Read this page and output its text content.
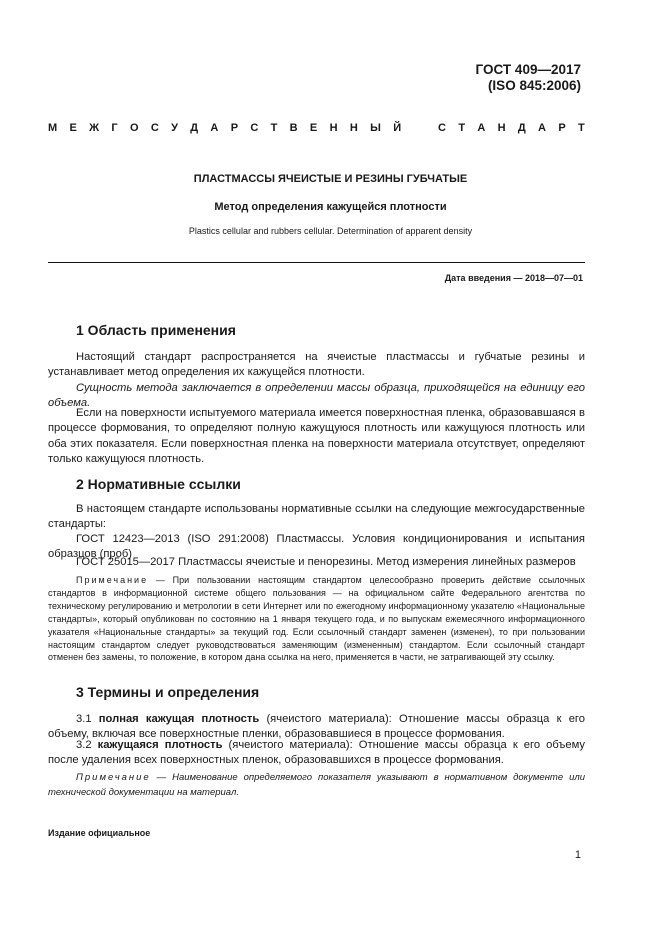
ГОСТ 409—2017
(ISO 845:2006)
М Е Ж Г О С У Д А Р С Т В Е Н Н Ы Й	С Т А Н Д А Р Т
ПЛАСТМАССЫ ЯЧЕИСТЫЕ И РЕЗИНЫ ГУБЧАТЫЕ
Метод определения кажущейся плотности
Plastics cellular and rubbers cellular. Determination of apparent density
Дата введения — 2018—07—01
1 Область применения
Настоящий стандарт распространяется на ячеистые пластмассы и губчатые резины и устанавливает метод определения их кажущейся плотности.
Сущность метода заключается в определении массы образца, приходящейся на единицу его объема.
Если на поверхности испытуемого материала имеется поверхностная пленка, образовавшаяся в процессе формования, то определяют полную кажущуюся плотность или кажущуюся плотность или оба этих показателя. Если поверхностная пленка на поверхности материала отсутствует, определяют только кажущуюся плотность.
2 Нормативные ссылки
В настоящем стандарте использованы нормативные ссылки на следующие межгосударственные стандарты:
ГОСТ 12423—2013 (ISO 291:2008) Пластмассы. Условия кондиционирования и испытания образцов (проб)
ГОСТ 25015—2017 Пластмассы ячеистые и пенорезины. Метод измерения линейных размеров
Примечание — При пользовании настоящим стандартом целесообразно проверить действие ссылочных стандартов в информационной системе общего пользования — на официальном сайте Федерального агентства по техническому регулированию и метрологии в сети Интернет или по ежегодному информационному указателю «Национальные стандарты», который опубликован по состоянию на 1 января текущего года, и по выпускам ежемесячного информационного указателя «Национальные стандарты» за текущий год. Если ссылочный стандарт заменен (изменен), то при пользовании настоящим стандартом следует руководствоваться заменяющим (измененным) стандартом. Если ссылочный стандарт отменен без замены, то положение, в котором дана ссылка на него, применяется в части, не затрагивающей эту ссылку.
3 Термины и определения
3.1 полная кажущая плотность (ячеистого материала): Отношение массы образца к его объему, включая все поверхностные пленки, образовавшиеся в процессе формования.
3.2 кажущаяся плотность (ячеистого материала): Отношение массы образца к его объему после удаления всех поверхностных пленок, образовавшихся в процессе формования.
Примечание — Наименование определяемого показателя указывают в нормативном документе или технической документации на материал.
Издание официальное
1
